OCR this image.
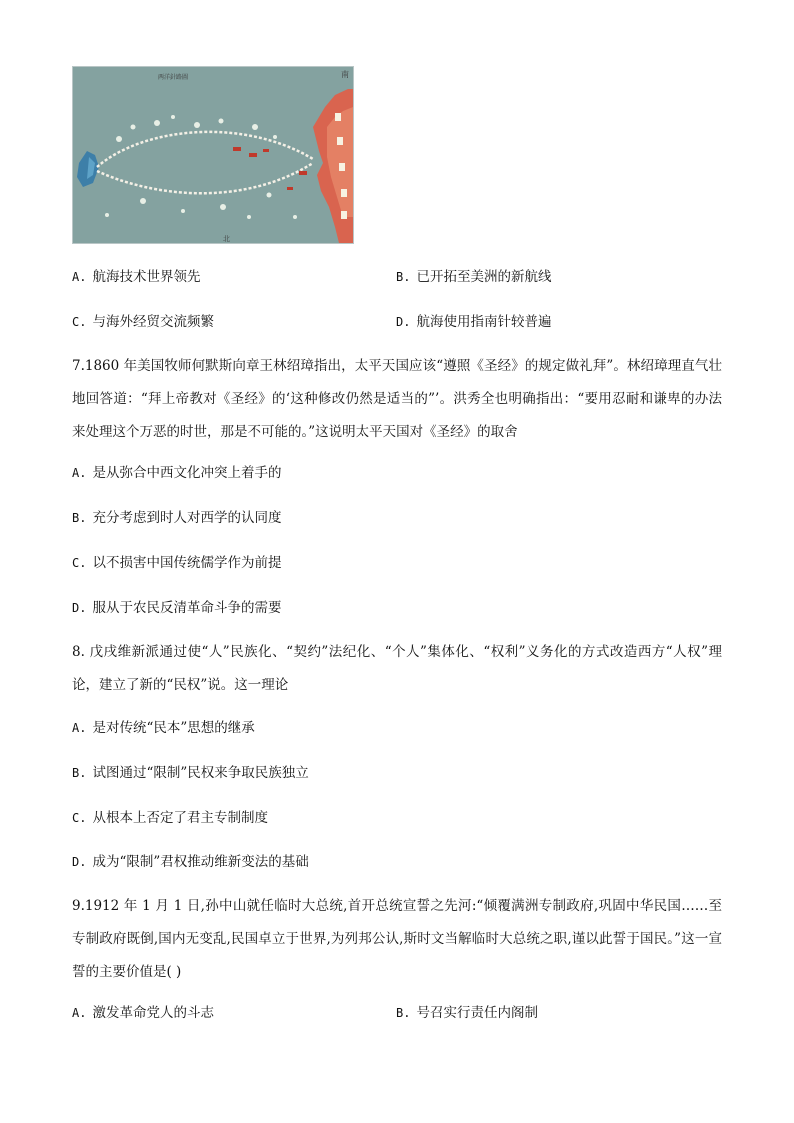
两洋針路圖	南
北
A. 航海技术世界领先	B. 已开拓至美洲的新航线
C. 与海外经贸交流频繁	D. 航海使用指南针较普遍
7.1860 年美国牧师何默斯向章王林绍璋指出，太平天国应该“遵照《圣经》的规定做礼拜”。林绍璋理直气壮地回答道：“拜上帝教对《圣经》的‘这种修改仍然是适当的”’。洪秀全也明确指出：“要用忍耐和谦卑的办法来处理这个万恶的时世，那是不可能的。”这说明太平天国对《圣经》的取舍
A. 是从弥合中西文化冲突上着手的
B. 充分考虑到时人对西学的认同度
C. 以不损害中国传统儒学作为前提
D. 服从于农民反清革命斗争的需要
8. 戊戌维新派通过使“人”民族化、“契约”法纪化、“个人”集体化、“权利”义务化的方式改造西方“人权”理论，建立了新的“民权”说。这一理论
A. 是对传统“民本”思想的继承
B. 试图通过“限制”民权来争取民族独立
C. 从根本上否定了君主专制制度
D. 成为“限制”君权推动维新变法的基础
9.1912 年 1 月 1 日,孙中山就任临时大总统,首开总统宣誓之先河:“倾覆满洲专制政府,巩固中华民国……至专制政府既倒,国内无变乱,民国卓立于世界,为列邦公认,斯时文当解临时大总统之职,谨以此誓于国民。”这一宣誓的主要价值是( )
A. 激发革命党人的斗志	B. 号召实行责任内阁制
